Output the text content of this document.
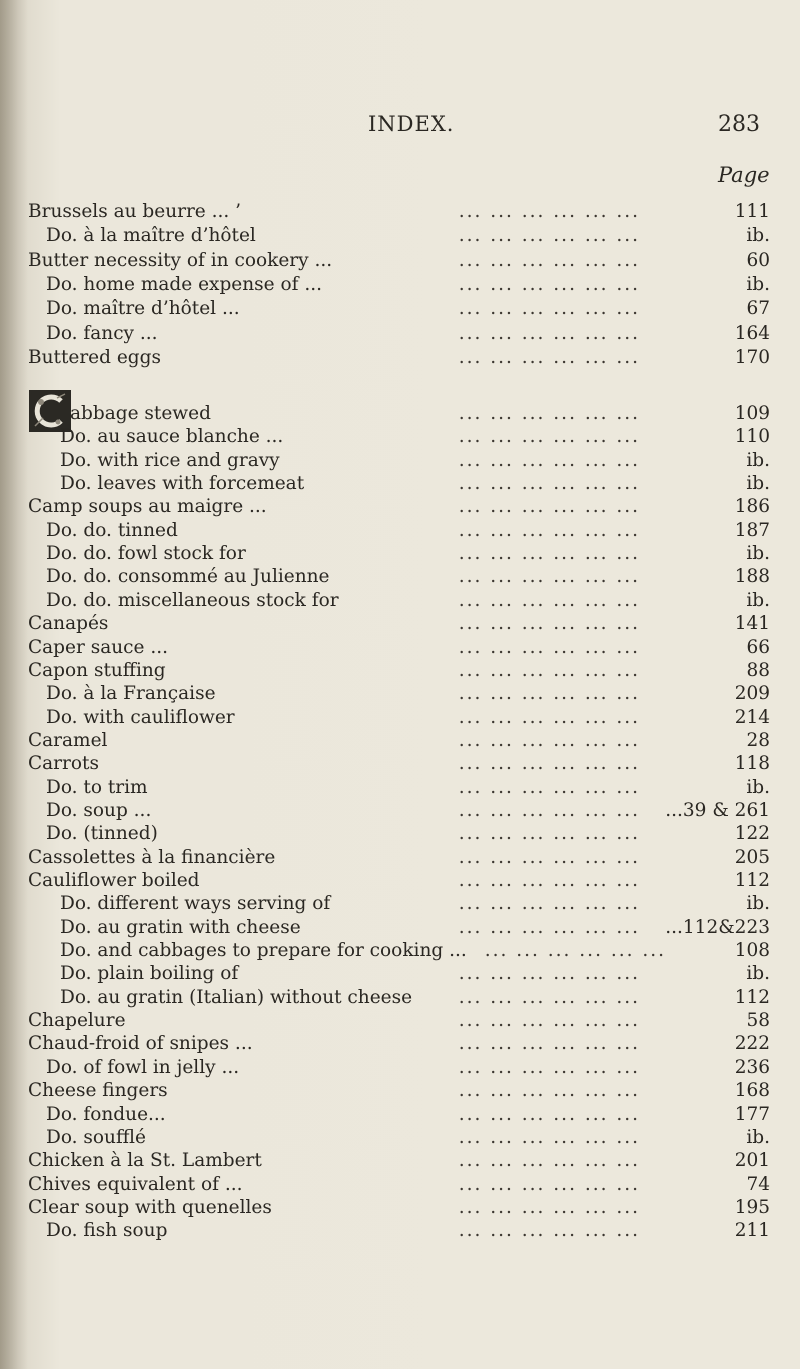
INDEX.	283
Page
Brussels au beurre ... ’	111
... ... ... ... ... ...
Do. à la maître d’hôtel	ib.
... ... ... ... ... ...
Butter necessity of in cookery ...	60
... ... ... ... ... ...
Do. home made expense of ...	ib.
... ... ... ... ... ...
Do. maître d’hôtel ...	67
... ... ... ... ... ...
Do. fancy ...	164
... ... ... ... ... ...
Buttered eggs	170
... ... ... ... ... ...
abbage stewed	109
... ... ... ... ... ...
Do. au sauce blanche ...	110
... ... ... ... ... ...
Do. with rice and gravy	ib.
... ... ... ... ... ...
Do. leaves with forcemeat	ib.
... ... ... ... ... ...
Camp soups au maigre ...	186
... ... ... ... ... ...
Do. do. tinned	187
... ... ... ... ... ...
Do. do. fowl stock for	ib.
... ... ... ... ... ...
Do. do. consommé au Julienne	188
... ... ... ... ... ...
Do. do. miscellaneous stock for	ib.
... ... ... ... ... ...
Canapés	141
... ... ... ... ... ...
Caper sauce ...	66
... ... ... ... ... ...
Capon stuffing	88
... ... ... ... ... ...
Do. à la Française	209
... ... ... ... ... ...
Do. with cauliflower	214
... ... ... ... ... ...
Caramel	28
... ... ... ... ... ...
Carrots	118
... ... ... ... ... ...
Do. to trim	ib.
... ... ... ... ... ...
Do. soup ...	...39 & 261
... ... ... ... ... ...
Do. (tinned)	122
... ... ... ... ... ...
Cassolettes à la financière	205
... ... ... ... ... ...
Cauliflower boiled	112
... ... ... ... ... ...
Do. different ways serving of	ib.
... ... ... ... ... ...
Do. au gratin with cheese	...112&223
... ... ... ... ... ...
Do. and cabbages to prepare for cooking ...	108
... ... ... ... ... ...
Do. plain boiling of	ib.
... ... ... ... ... ...
Do. au gratin (Italian) without cheese	112
... ... ... ... ... ...
Chapelure	58
... ... ... ... ... ...
Chaud-froid of snipes ...	222
... ... ... ... ... ...
Do. of fowl in jelly ...	236
... ... ... ... ... ...
Cheese fingers	168
... ... ... ... ... ...
Do. fondue...	177
... ... ... ... ... ...
Do. soufflé	ib.
... ... ... ... ... ...
Chicken à la St. Lambert	201
... ... ... ... ... ...
Chives equivalent of ...	74
... ... ... ... ... ...
Clear soup with quenelles	195
... ... ... ... ... ...
Do. fish soup	211
... ... ... ... ... ...
